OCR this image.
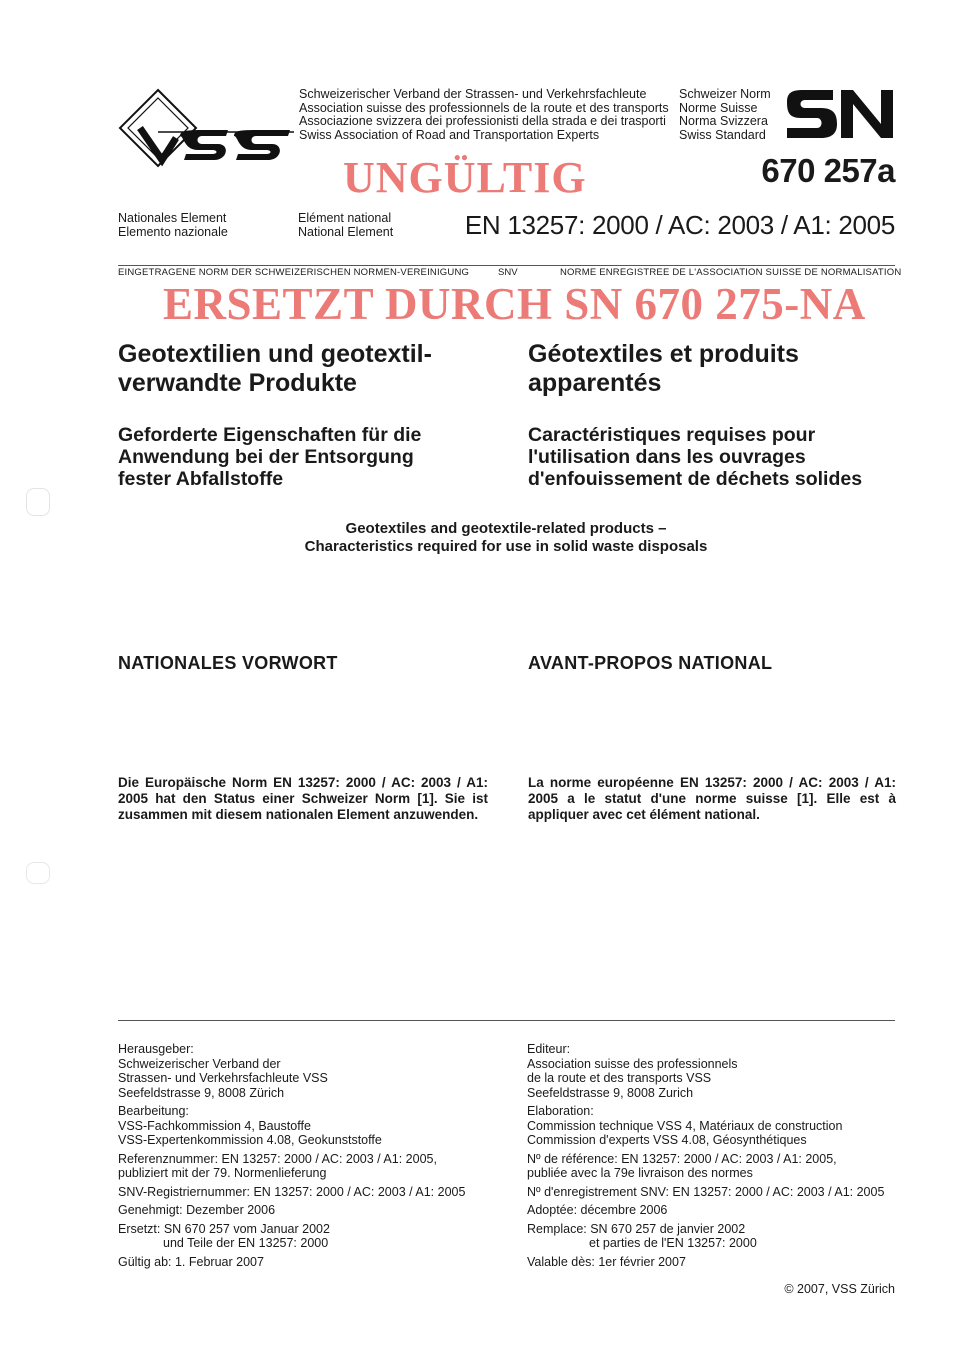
Schweizerischer Verband der Strassen- und Verkehrsfachleute
Association suisse des professionnels de la route et des transports
Associazione svizzera dei professionisti della strada e dei trasporti
Swiss Association of Road and Transportation Experts
Schweizer Norm
Norme Suisse
Norma Svizzera
Swiss Standard
670 257a
UNGÜLTIG
Nationales Element
Elemento nazionale
Elément national
National Element	EN 13257: 2000 / AC: 2003 / A1: 2005
EINGETRAGENE NORM DER SCHWEIZERISCHEN NORMEN-VEREINIGUNG	SNV	NORME ENREGISTREE DE L'ASSOCIATION SUISSE DE NORMALISATION
ERSETZT DURCH SN 670 275-NA
Geotextilien und geotextil-
verwandte Produkte
Géotextiles et produits
apparentés
Geforderte Eigenschaften für die
Anwendung bei der Entsorgung
fester Abfallstoffe
Caractéristiques requises pour
l'utilisation dans les ouvrages
d'enfouissement de déchets solides
Geotextiles and geotextile-related products –
Characteristics required for use in solid waste disposals
NATIONALES VORWORT	AVANT-PROPOS NATIONAL
Die Europäische Norm EN 13257: 2000 / AC: 2003 / A1: 2005 hat den Status einer Schweizer Norm [1]. Sie ist zusammen mit diesem nationalen Element anzuwenden.
La norme européenne EN 13257: 2000 / AC: 2003 / A1: 2005 a le statut d'une norme suisse [1]. Elle est à appliquer avec cet élément national.
Herausgeber:
Schweizerischer Verband der
Strassen- und Verkehrsfachleute VSS
Seefeldstrasse 9, 8008 Zürich
Bearbeitung:
VSS-Fachkommission 4, Baustoffe
VSS-Expertenkommission 4.08, Geokunststoffe
Referenznummer: EN 13257: 2000 / AC: 2003 / A1: 2005,
publiziert mit der 79. Normenlieferung
SNV-Registriernummer: EN 13257: 2000 / AC: 2003 / A1: 2005
Genehmigt: Dezember 2006
Ersetzt: SN 670 257 vom Januar 2002
und Teile der EN 13257: 2000
Gültig ab: 1. Februar 2007
Editeur:
Association suisse des professionnels
de la route et des transports VSS
Seefeldstrasse 9, 8008 Zurich
Elaboration:
Commission technique VSS 4, Matériaux de construction
Commission d'experts VSS 4.08, Géosynthétiques
Nº de référence: EN 13257: 2000 / AC: 2003 / A1: 2005,
publiée avec la 79e livraison des normes
Nº d'enregistrement SNV: EN 13257: 2000 / AC: 2003 / A1: 2005
Adoptée: décembre 2006
Remplace: SN 670 257 de janvier 2002
et parties de l'EN 13257: 2000
Valable dès: 1er février 2007
© 2007, VSS Zürich
